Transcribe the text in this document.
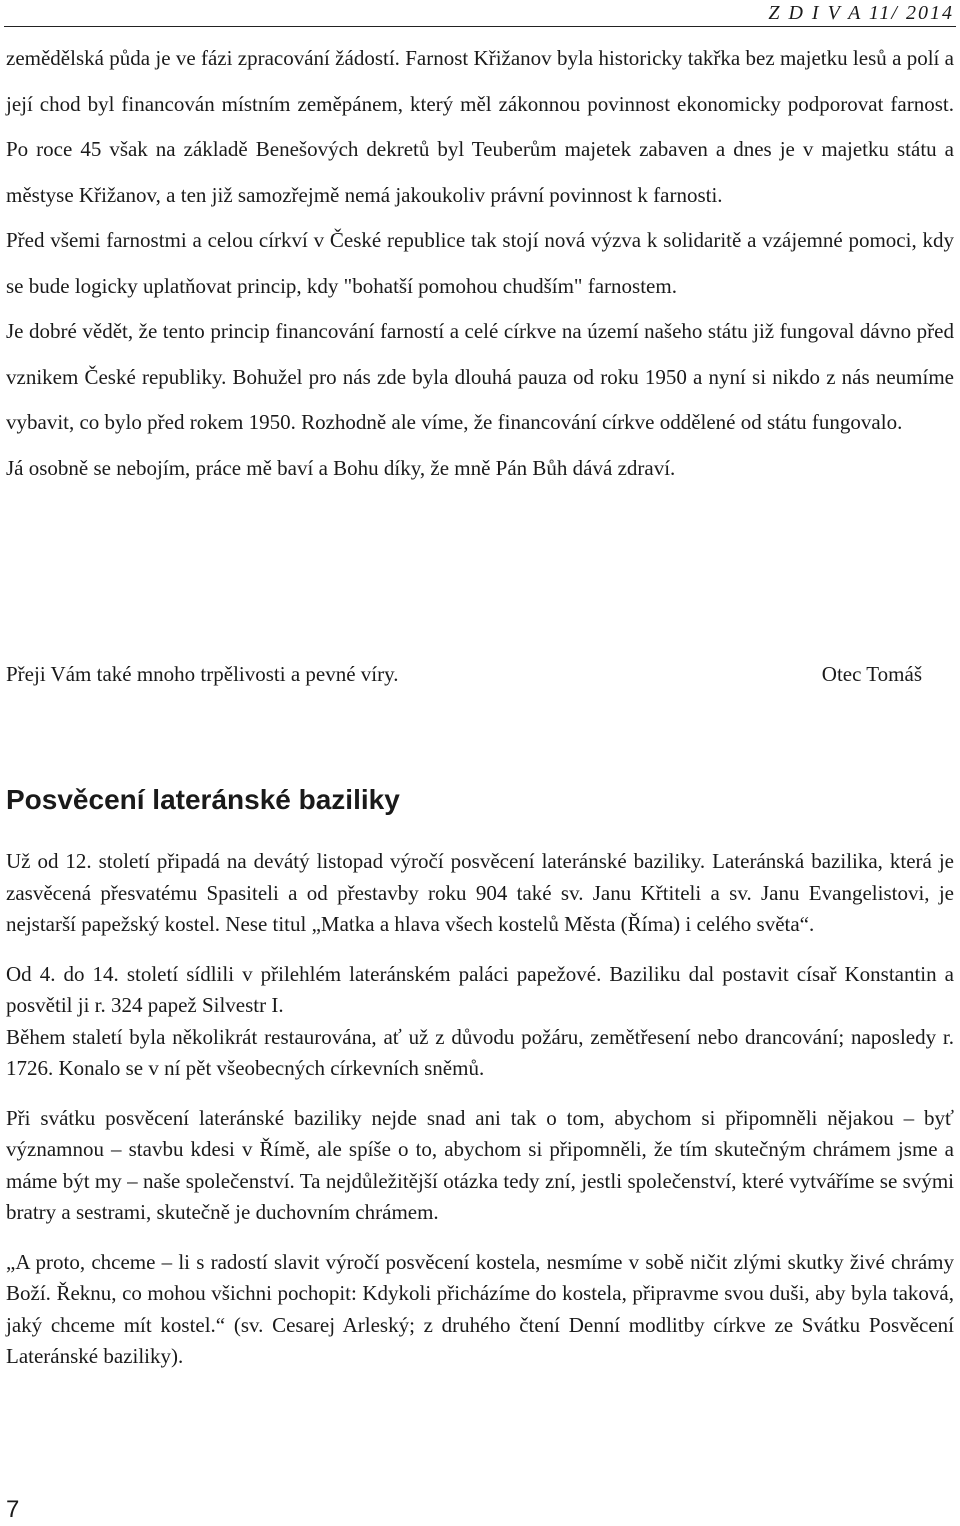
Z D I V A 11/ 2014

zemědělská půda je ve fázi zpracování žádostí. Farnost Křižanov byla historicky takřka bez majetku lesů a polí a její chod byl financován místním zeměpánem, který měl zákonnou povinnost ekonomicky podporovat farnost. Po roce 45 však na základě Benešových dekretů byl Teuberům majetek zabaven a dnes je v majetku státu a městyse Křižanov, a ten již samozřejmě nemá jakoukoliv právní povinnost k farnosti.

Před všemi farnostmi a celou církví v České republice tak stojí nová výzva k solidaritě a vzájemné pomoci, kdy se bude logicky uplatňovat princip, kdy "bohatší pomohou chudším" farnostem.

Je dobré vědět, že tento princip financování farností a celé církve na území našeho státu již fungoval dávno před vznikem České republiky. Bohužel pro nás zde byla dlouhá pauza od roku 1950 a nyní si nikdo z nás neumíme vybavit, co bylo před rokem 1950. Rozhodně ale víme, že financování církve oddělené od státu fungovalo.

Já osobně se nebojím, práce mě baví a Bohu díky, že mně Pán Bůh dává zdraví.

Přeji Vám také mnoho trpělivosti a pevné víry.	Otec Tomáš
Posvěcení lateránské baziliky

Už od 12. století připadá na devátý listopad výročí posvěcení lateránské baziliky. Lateránská bazilika, která je zasvěcená přesvatému Spasiteli a od přestavby roku 904 také sv. Janu Křtiteli a sv. Janu Evangelistovi, je nejstarší papežský kostel. Nese titul „Matka a hlava všech kostelů Města (Říma) i celého světa“.

Od 4. do 14. století sídlili v přilehlém lateránském paláci papežové. Baziliku dal postavit císař Konstantin a posvětil ji r. 324 papež Silvestr I.

Během staletí byla několikrát restaurována, ať už z důvodu požáru, zemětřesení nebo drancování; naposledy r. 1726. Konalo se v ní pět všeobecných církevních sněmů.

Při svátku posvěcení lateránské baziliky nejde snad ani tak o tom, abychom si připomněli nějakou – byť významnou – stavbu kdesi v Římě, ale spíše o to, abychom si připomněli, že tím skutečným chrámem jsme a máme být my – naše společenství. Ta nejdůležitější otázka tedy zní, jestli společenství, které vytváříme se svými bratry a sestrami, skutečně je duchovním chrámem.

„A proto, chceme – li s radostí slavit výročí posvěcení kostela, nesmíme v sobě ničit zlými skutky živé chrámy Boží. Řeknu, co mohou všichni pochopit: Kdykoli přicházíme do kostela, připravme svou duši, aby byla taková, jaký chceme mít kostel.“ (sv. Cesarej Arleský; z druhého čtení Denní modlitby církve ze Svátku Posvěcení Lateránské baziliky).

7
